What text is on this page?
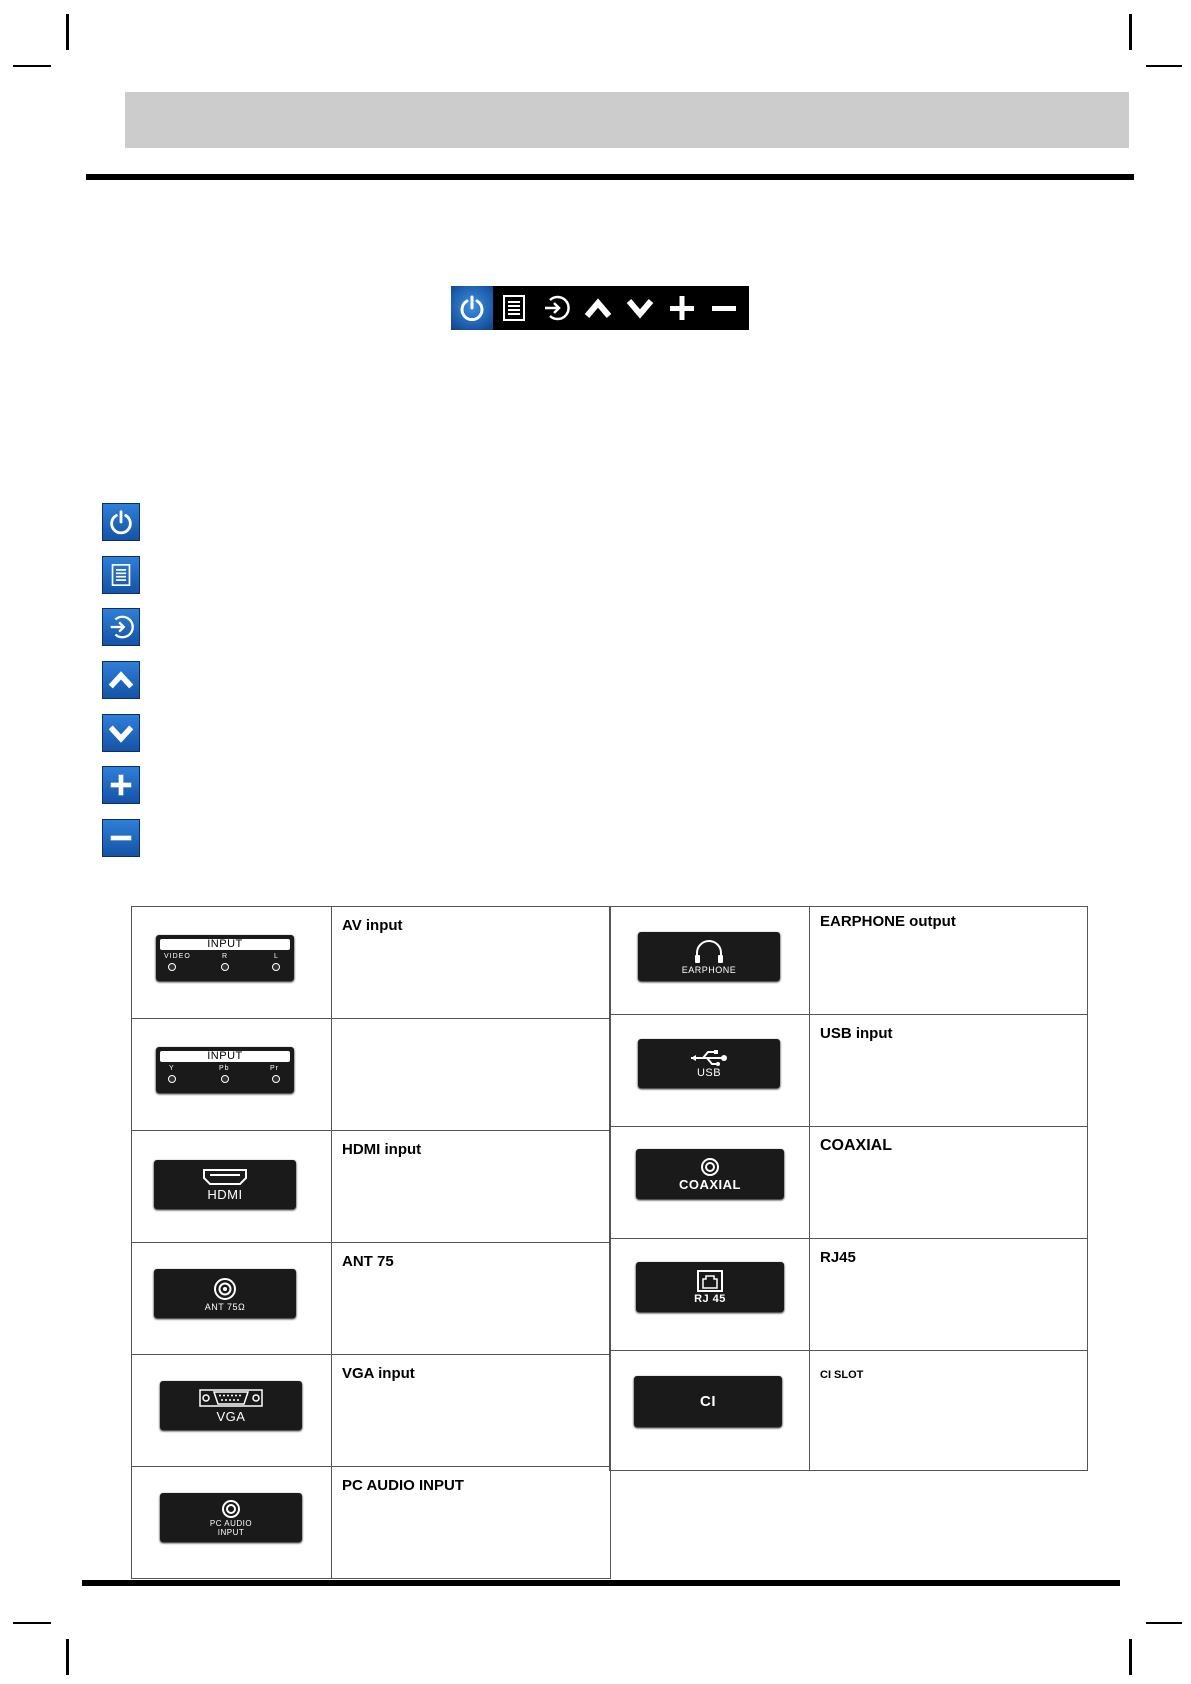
INPUT
VIDEO R L	AV input

INPUT
Y Pb Pr	

HDMI	HDMI input

ANT 75Ω	ANT 75

VGA	VGA input

PC AUDIO
INPUT	PC AUDIO INPUT
EARPHONE	EARPHONE output

USB	USB input

COAXIAL	COAXIAL

RJ 45	RJ45

CI	CI SLOT
